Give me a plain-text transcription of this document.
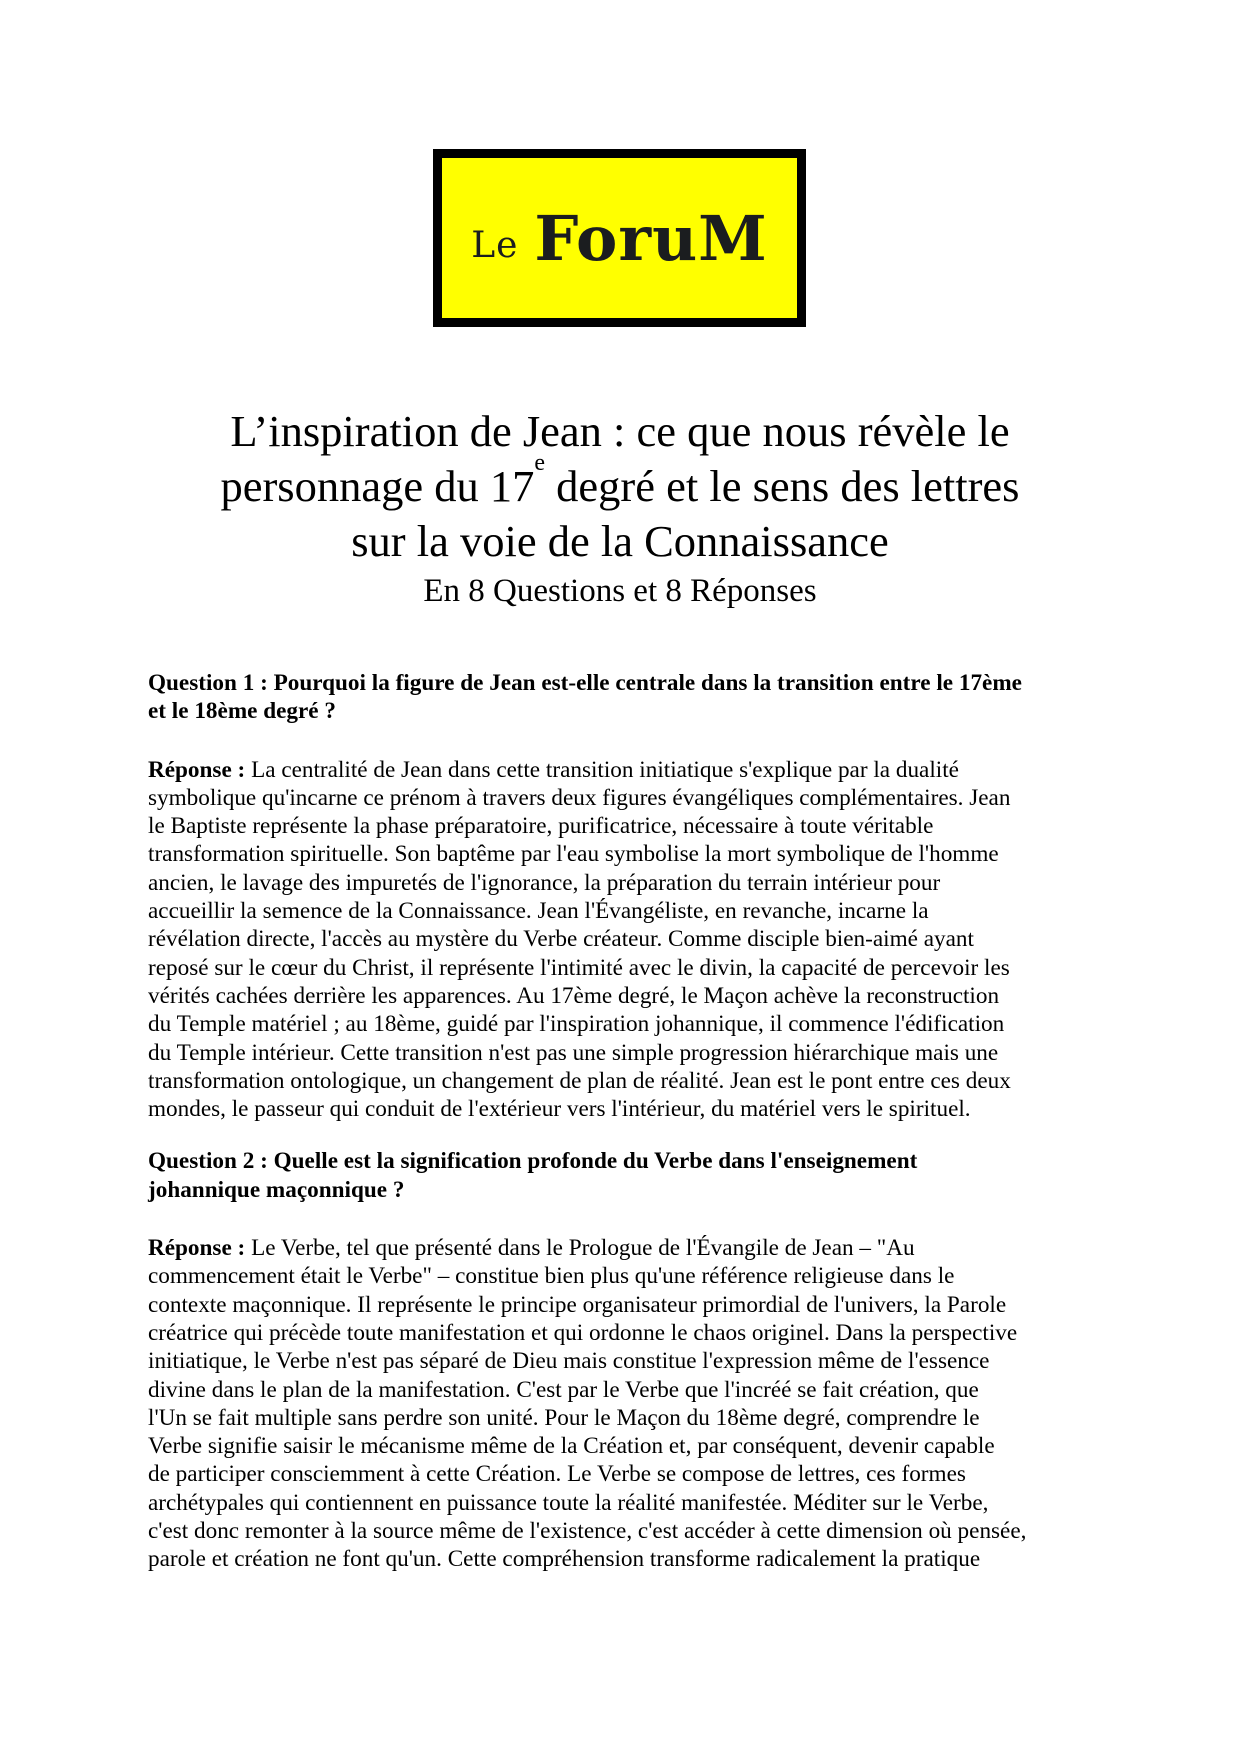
Le ForuM
L’inspiration de Jean : ce que nous révèle le
personnage du 17e degré et le sens des lettres
sur la voie de la Connaissance
En 8 Questions et 8 Réponses
Question 1 : Pourquoi la figure de Jean est-elle centrale dans la transition entre le 17ème
et le 18ème degré ?
Réponse : La centralité de Jean dans cette transition initiatique s'explique par la dualité
symbolique qu'incarne ce prénom à travers deux figures évangéliques complémentaires. Jean
le Baptiste représente la phase préparatoire, purificatrice, nécessaire à toute véritable
transformation spirituelle. Son baptême par l'eau symbolise la mort symbolique de l'homme
ancien, le lavage des impuretés de l'ignorance, la préparation du terrain intérieur pour
accueillir la semence de la Connaissance. Jean l'Évangéliste, en revanche, incarne la
révélation directe, l'accès au mystère du Verbe créateur. Comme disciple bien-aimé ayant
reposé sur le cœur du Christ, il représente l'intimité avec le divin, la capacité de percevoir les
vérités cachées derrière les apparences. Au 17ème degré, le Maçon achève la reconstruction
du Temple matériel ; au 18ème, guidé par l'inspiration johannique, il commence l'édification
du Temple intérieur. Cette transition n'est pas une simple progression hiérarchique mais une
transformation ontologique, un changement de plan de réalité. Jean est le pont entre ces deux
mondes, le passeur qui conduit de l'extérieur vers l'intérieur, du matériel vers le spirituel.
Question 2 : Quelle est la signification profonde du Verbe dans l'enseignement
johannique maçonnique ?
Réponse : Le Verbe, tel que présenté dans le Prologue de l'Évangile de Jean – "Au
commencement était le Verbe" – constitue bien plus qu'une référence religieuse dans le
contexte maçonnique. Il représente le principe organisateur primordial de l'univers, la Parole
créatrice qui précède toute manifestation et qui ordonne le chaos originel. Dans la perspective
initiatique, le Verbe n'est pas séparé de Dieu mais constitue l'expression même de l'essence
divine dans le plan de la manifestation. C'est par le Verbe que l'incréé se fait création, que
l'Un se fait multiple sans perdre son unité. Pour le Maçon du 18ème degré, comprendre le
Verbe signifie saisir le mécanisme même de la Création et, par conséquent, devenir capable
de participer consciemment à cette Création. Le Verbe se compose de lettres, ces formes
archétypales qui contiennent en puissance toute la réalité manifestée. Méditer sur le Verbe,
c'est donc remonter à la source même de l'existence, c'est accéder à cette dimension où pensée,
parole et création ne font qu'un. Cette compréhension transforme radicalement la pratique
